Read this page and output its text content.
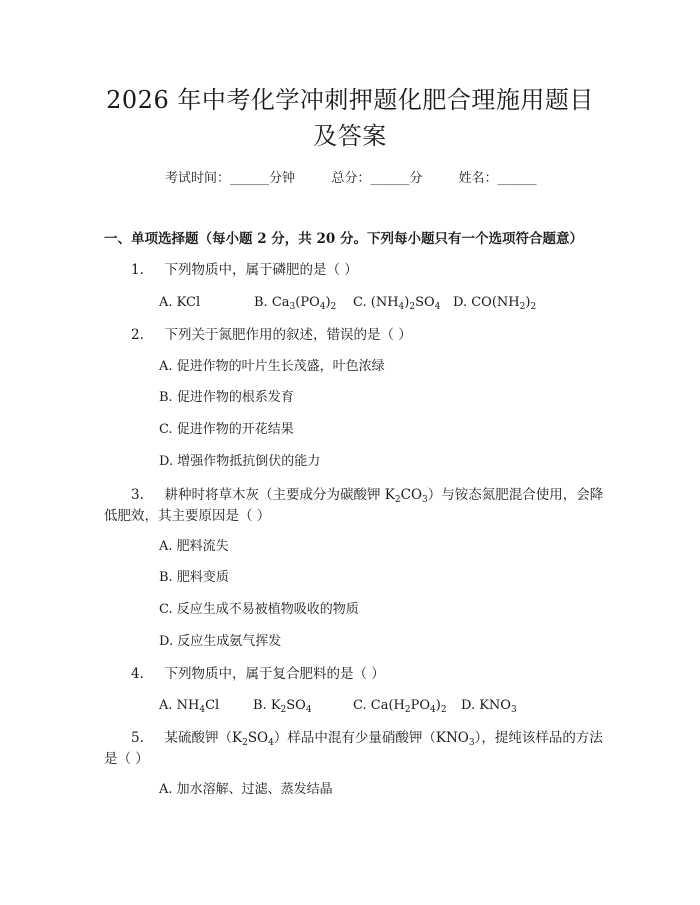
2026 年中考化学冲刺押题化肥合理施用题目
及答案
考试时间：______分钟	总分：______分	姓名：______
一、单项选择题（每小题 2 分，共 20 分。下列每小题只有一个选项符合题意）
1. 下列物质中，属于磷肥的是（ ）
A. KCl	B. $Ca_3(PO_4)_2$ C. $(NH_4)_2SO_4$ D. $CO(NH_2)_2$
2. 下列关于氮肥作用的叙述，错误的是（ ）
A. 促进作物的叶片生长茂盛，叶色浓绿
B. 促进作物的根系发育
C. 促进作物的开花结果
D. 增强作物抵抗倒伏的能力
3. 耕种时将草木灰（主要成分为碳酸钾 $K_2CO_3$）与铵态氮肥混合使用，会降
低肥效，其主要原因是（ ）
A. 肥料流失
B. 肥料变质
C. 反应生成不易被植物吸收的物质
D. 反应生成氨气挥发
4. 下列物质中，属于复合肥料的是（ ）
A. $NH_4Cl$	B. $K_2SO_4$	C. $Ca(H_2PO_4)_2$ D. $KNO_3$
5. 某硫酸钾$(K_2SO_4)$样品中混有少量硝酸钾$(KNO_3)$，提纯该样品的方法
是（ ）
A. 加水溶解、过滤、蒸发结晶
